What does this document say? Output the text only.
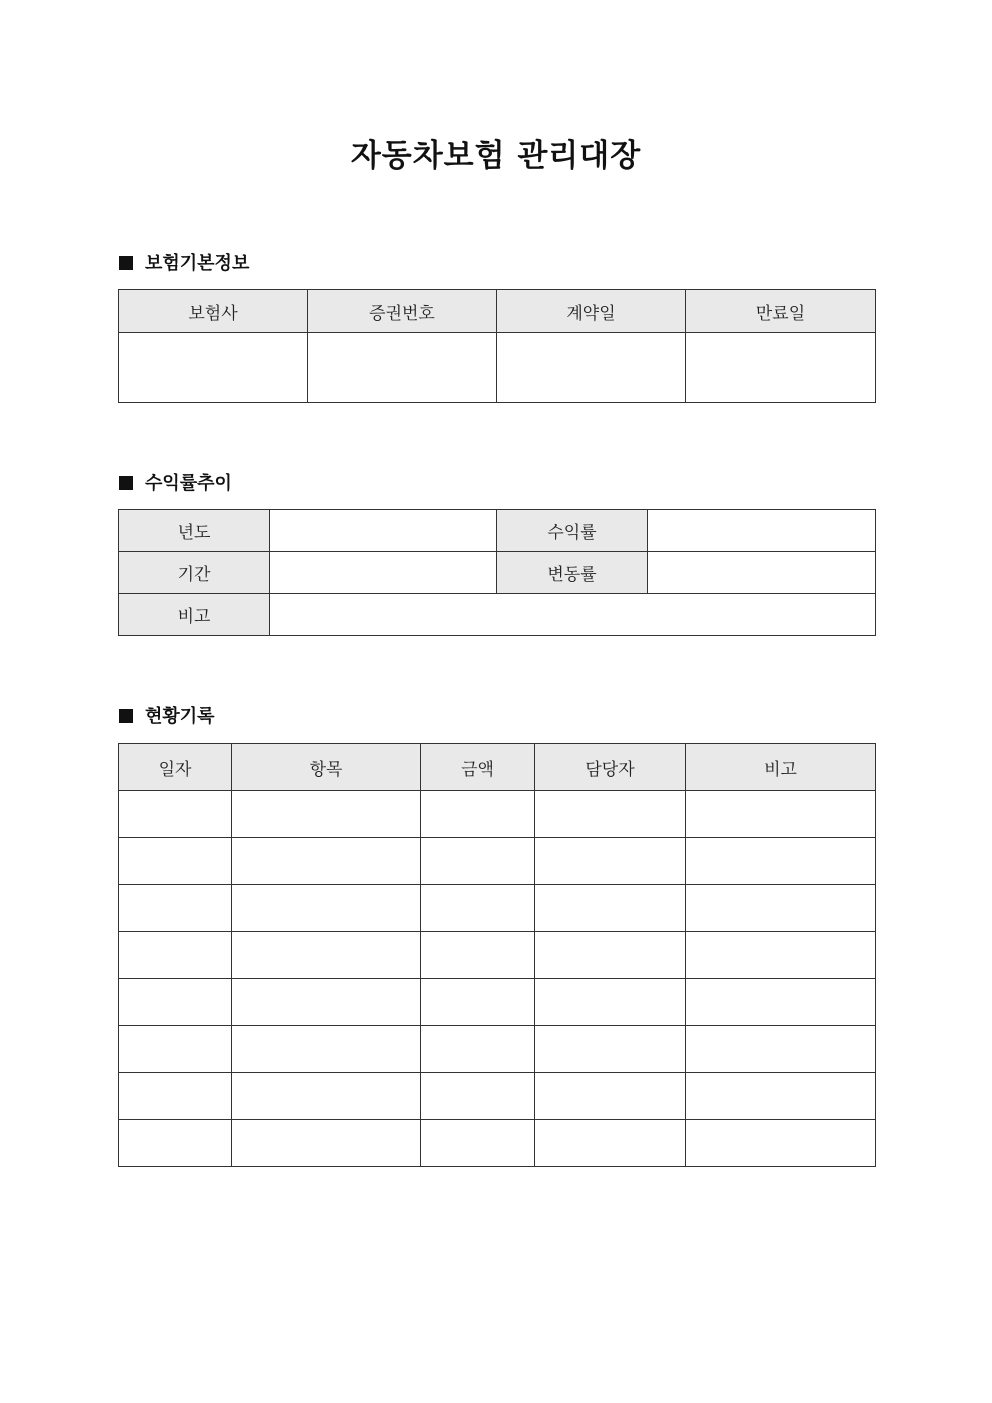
자동차보험 관리대장
보험기본정보
보험사	증권번호	계약일	만료일

수익률추이
년도		수익률	
기간		변동률	
비고			
현황기록
일자	항목	금액	담당자	비고
